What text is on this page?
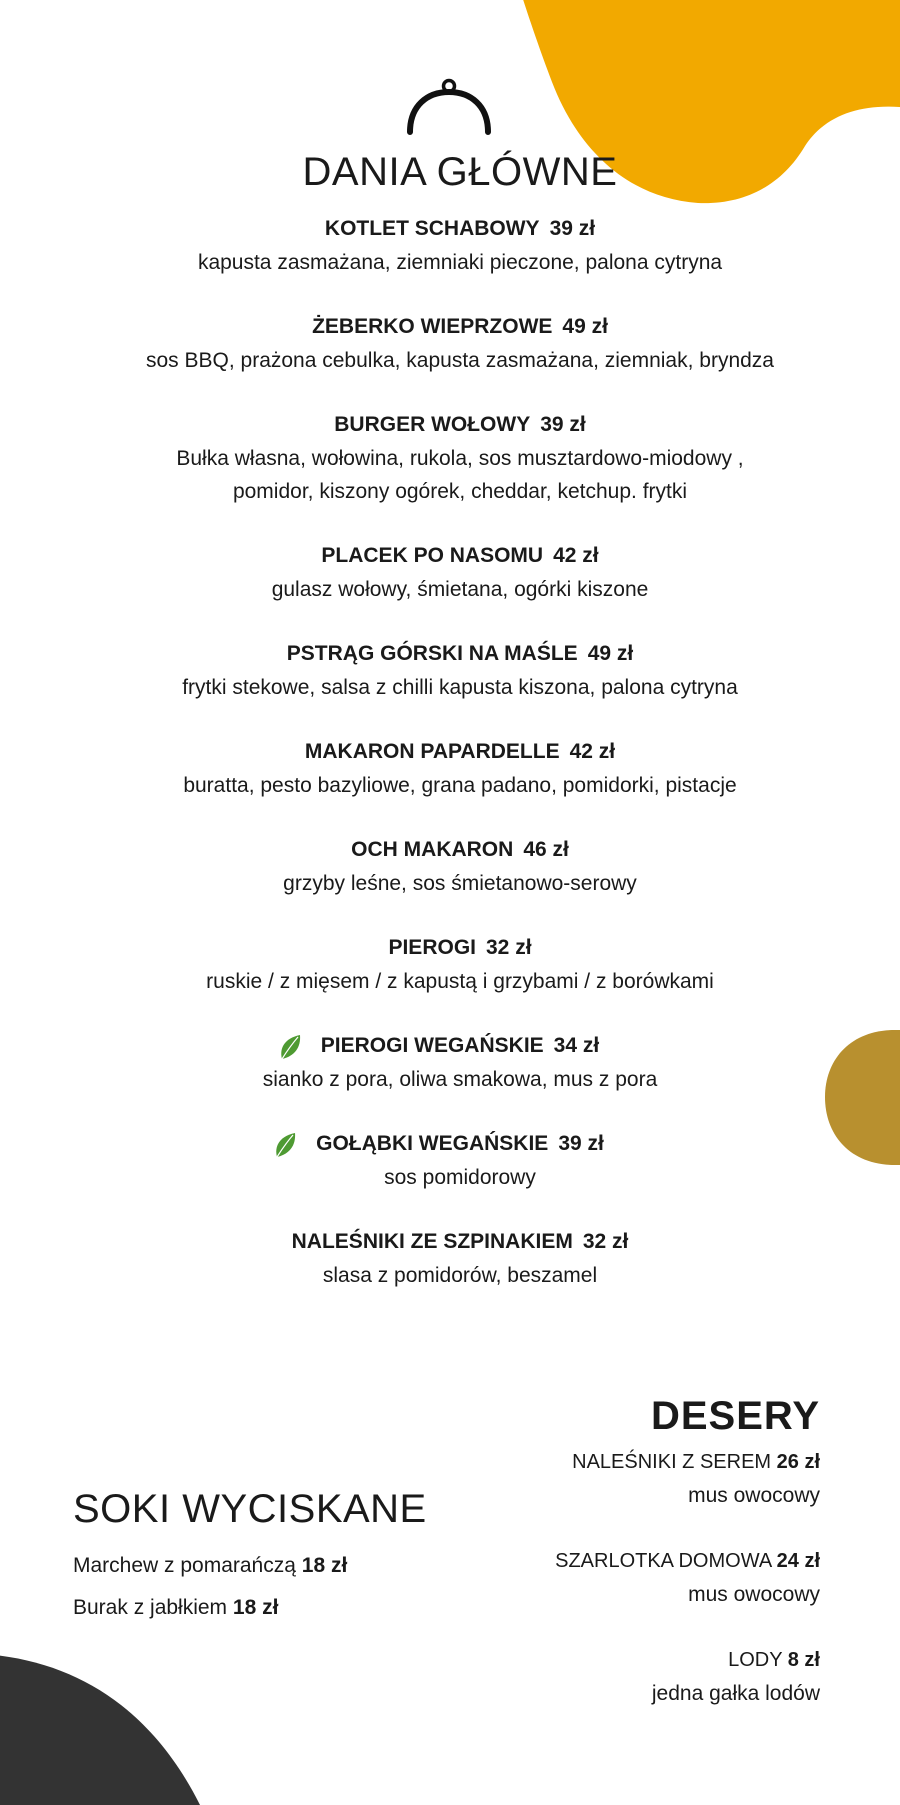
DANIA GŁÓWNE
KOTLET SCHABOWY 39 zł
kapusta zasmażana, ziemniaki pieczone, palona cytryna
ŻEBERKO WIEPRZOWE 49 zł
sos BBQ, prażona cebulka, kapusta zasmażana, ziemniak, bryndza
BURGER WOŁOWY 39 zł
Bułka własna, wołowina, rukola, sos musztardowo-miodowy ,
pomidor, kiszony ogórek, cheddar, ketchup. frytki
PLACEK PO NASOMU 42 zł
gulasz wołowy, śmietana, ogórki kiszone
PSTRĄG GÓRSKI NA MAŚLE 49 zł
frytki stekowe, salsa z chilli kapusta kiszona, palona cytryna
MAKARON PAPARDELLE 42 zł
buratta, pesto bazyliowe, grana padano, pomidorki, pistacje
OCH MAKARON 46 zł
grzyby leśne, sos śmietanowo-serowy
PIEROGI 32 zł
ruskie / z mięsem / z kapustą i grzybami / z borówkami
PIEROGI WEGAŃSKIE 34 zł
sianko z pora, oliwa smakowa, mus z pora
GOŁĄBKI WEGAŃSKIE 39 zł
sos pomidorowy
NALEŚNIKI ZE SZPINAKIEM 32 zł
slasa z pomidorów, beszamel
DESERY
NALEŚNIKI Z SEREM 26 zł
mus owocowy
SZARLOTKA DOMOWA 24 zł
mus owocowy
LODY 8 zł
jedna gałka lodów
SOKI WYCISKANE
Marchew z pomarańczą 18 zł
Burak z jabłkiem 18 zł
